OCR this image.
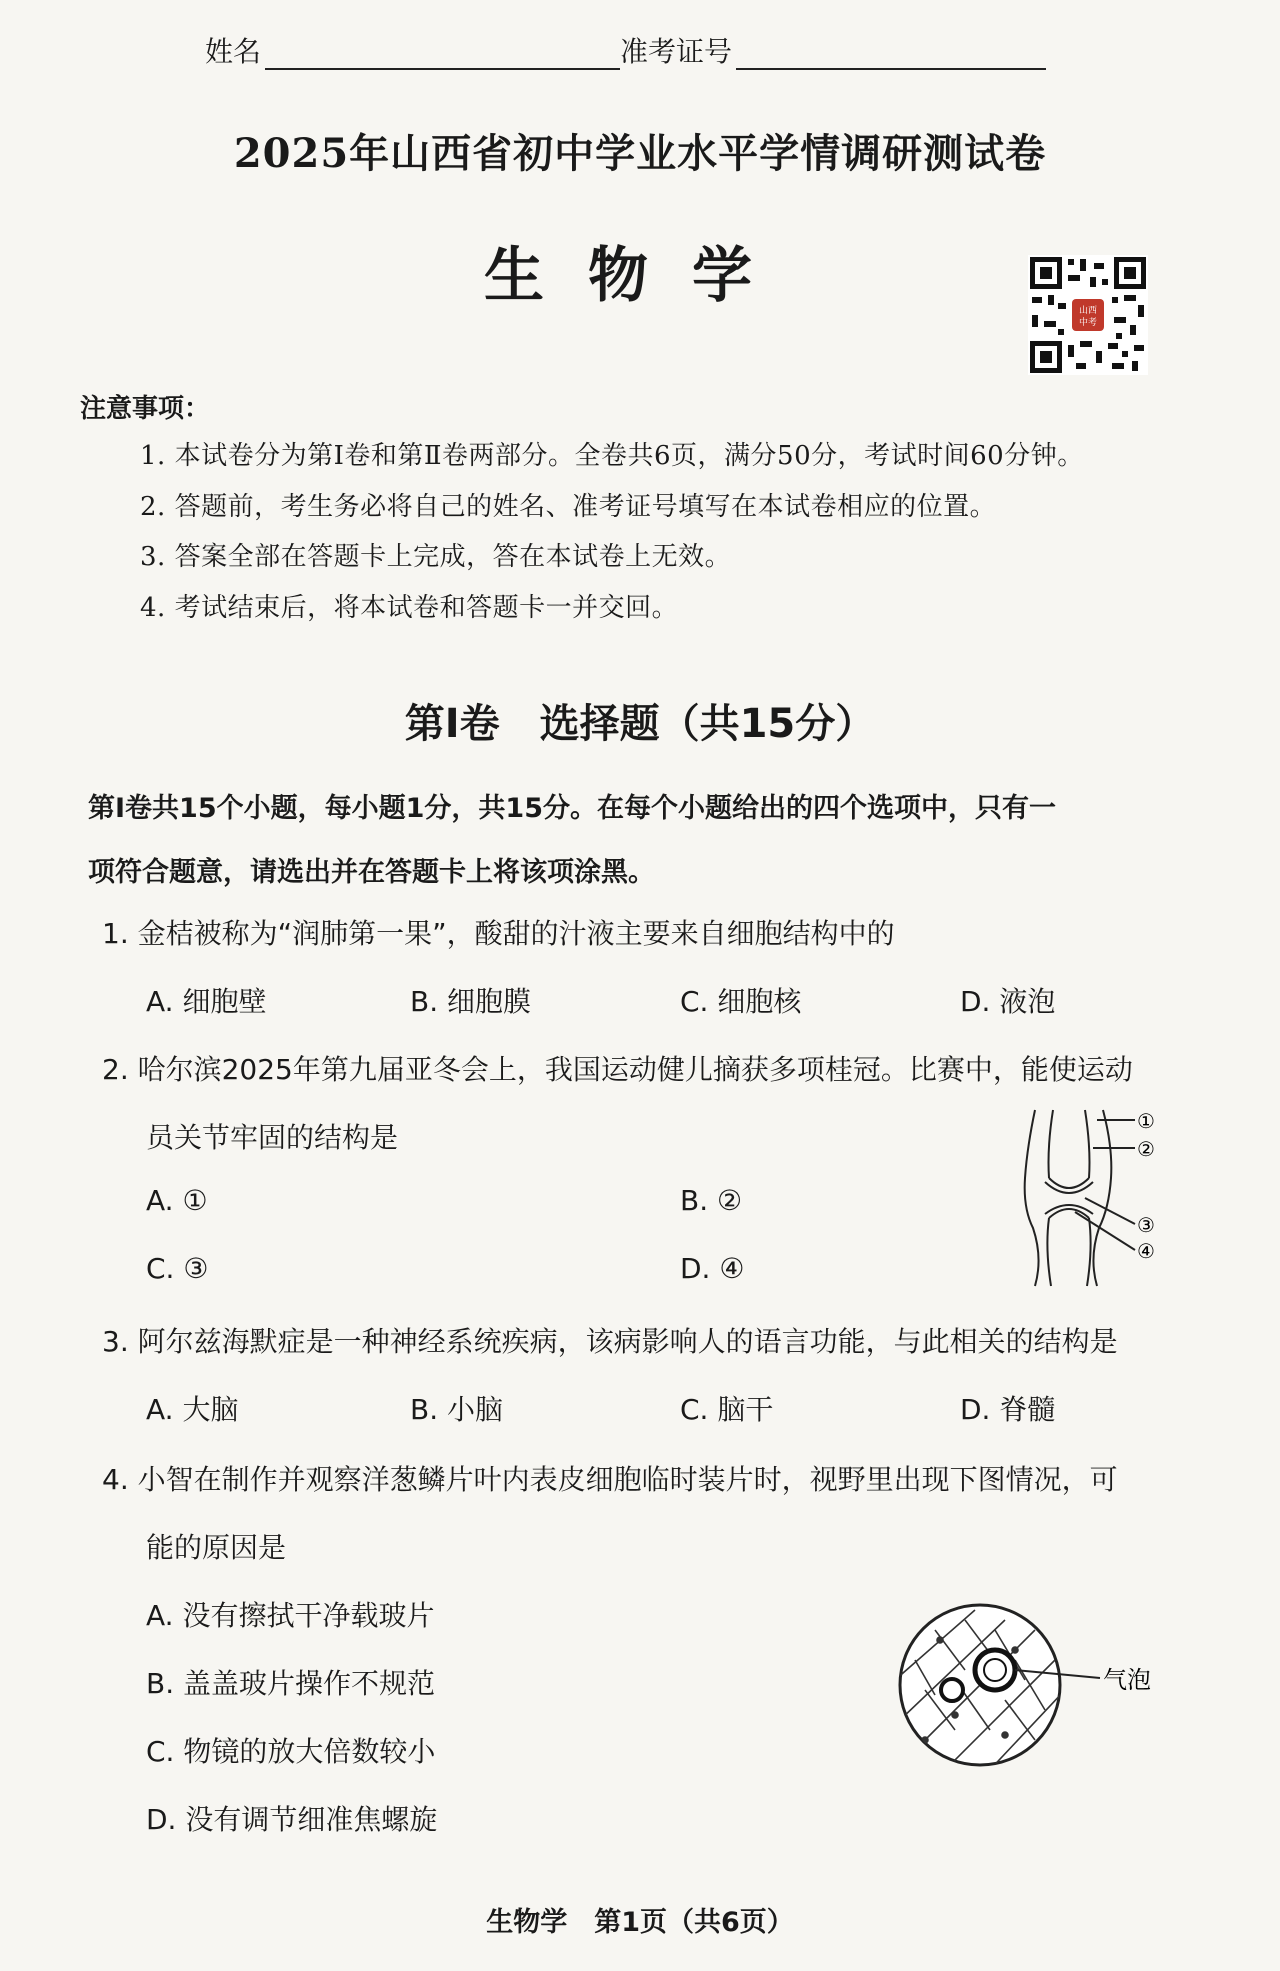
姓名	准考证号
2025年山西省初中学业水平学情调研测试卷
生物学	山西
中考
注意事项：
1. 本试卷分为第Ⅰ卷和第Ⅱ卷两部分。全卷共6页，满分50分，考试时间60分钟。
2. 答题前，考生务必将自己的姓名、准考证号填写在本试卷相应的位置。
3. 答案全部在答题卡上完成，答在本试卷上无效。
4. 考试结束后，将本试卷和答题卡一并交回。
第Ⅰ卷　选择题（共15分）
第Ⅰ卷共15个小题，每小题1分，共15分。在每个小题给出的四个选项中，只有一
项符合题意，请选出并在答题卡上将该项涂黑。
1. 金桔被称为“润肺第一果”，酸甜的汁液主要来自细胞结构中的
A. 细胞壁	B. 细胞膜	C. 细胞核	D. 液泡
2. 哈尔滨2025年第九届亚冬会上，我国运动健儿摘获多项桂冠。比赛中，能使运动
员关节牢固的结构是
A. ①	B. ②
C. ③	D. ④
①
②
③
④
3. 阿尔兹海默症是一种神经系统疾病，该病影响人的语言功能，与此相关的结构是
A. 大脑	B. 小脑	C. 脑干	D. 脊髓
4. 小智在制作并观察洋葱鳞片叶内表皮细胞临时装片时，视野里出现下图情况，可
能的原因是
A. 没有擦拭干净载玻片
B. 盖盖玻片操作不规范
C. 物镜的放大倍数较小
D. 没有调节细准焦螺旋
气泡
生物学　第1页（共6页）
